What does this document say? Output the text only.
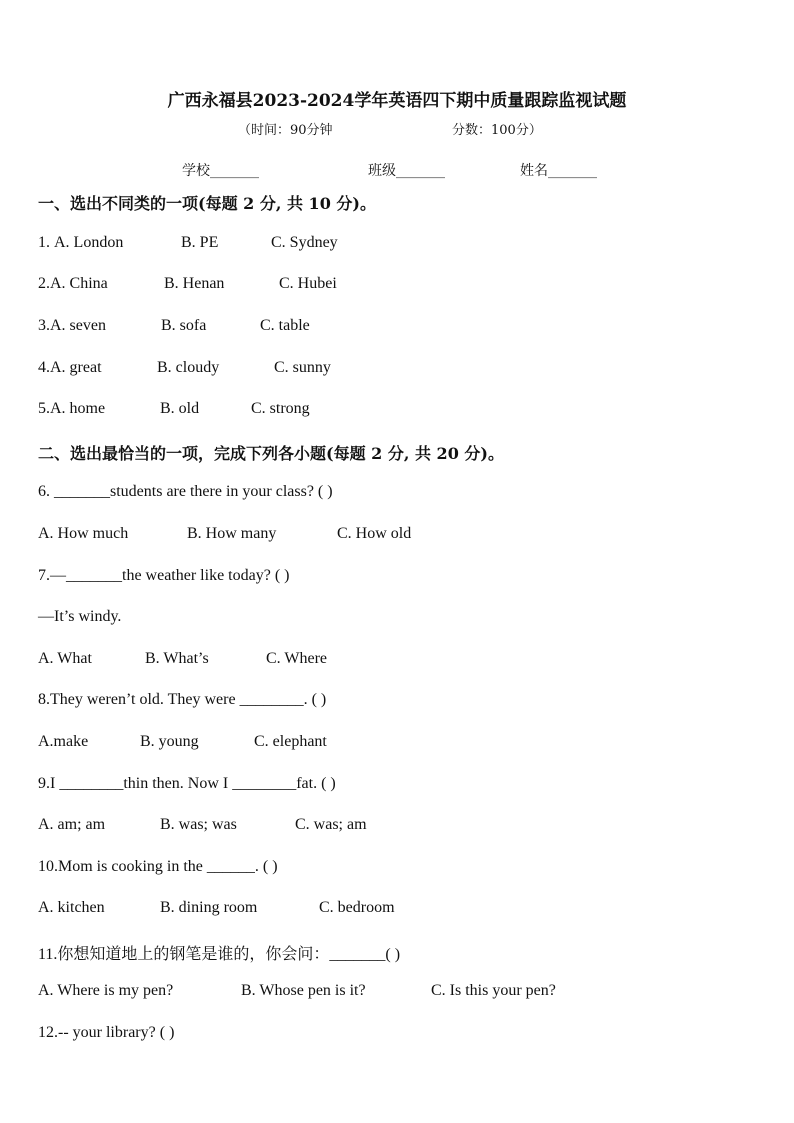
广西永福县2023-2024学年英语四下期中质量跟踪监视试题
（时间：90分钟	分数：100分）
学校_______	班级_______	姓名_______
一、选出不同类的一项(每题 2 分, 共 10 分)。
1. A. London	B. PE	C. Sydney
2.A. China	B. Henan	C. Hubei
3.A. seven	B. sofa	C. table
4.A. great	B. cloudy	C. sunny
5.A. home	B. old	C. strong
二、选出最恰当的一项，完成下列各小题(每题 2 分, 共 20 分)。
6. _______students are there in your class? ( )
A. How much	B. How many	C. How old
7.—_______the weather like today? ( )
—It’s windy.
A. What	B. What’s	C. Where
8.They weren’t old. They were ________. ( )
A.make	B. young	C. elephant
9.I ________thin then. Now I ________fat. ( )
A. am; am	B. was; was	C. was; am
10.Mom is cooking in the ______. ( )
A. kitchen	B. dining room	C. bedroom
11.你想知道地上的钢笔是谁的，你会问：_______( )
A. Where is my pen?	B. Whose pen is it?	C. Is this your pen?
12.-- your library? ( )
